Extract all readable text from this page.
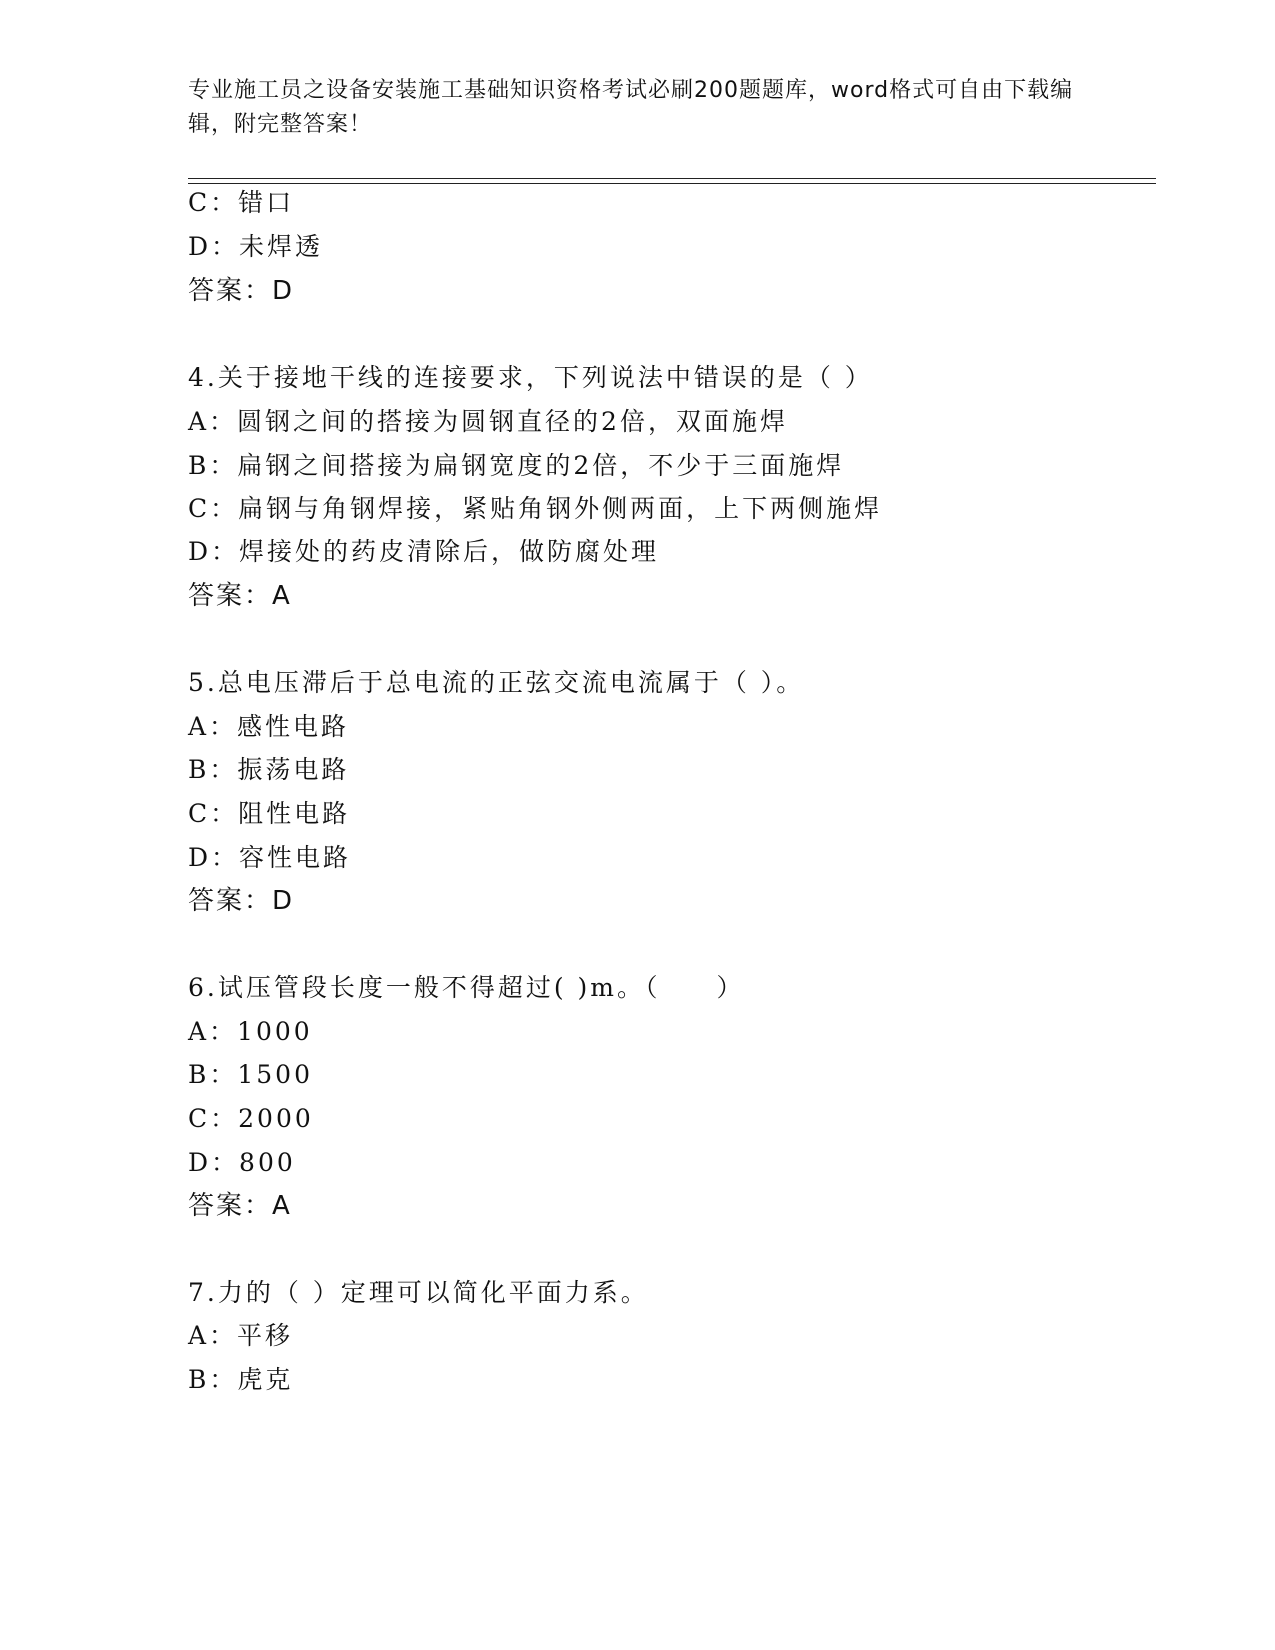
专业施工员之设备安装施工基础知识资格考试必刷200题题库，word格式可自由下载编辑，附完整答案！
C：错口
D：未焊透
答案：D
4.关于接地干线的连接要求，下列说法中错误的是（ ）
A：圆钢之间的搭接为圆钢直径的2倍，双面施焊
B：扁钢之间搭接为扁钢宽度的2倍，不少于三面施焊
C：扁钢与角钢焊接，紧贴角钢外侧两面，上下两侧施焊
D：焊接处的药皮清除后，做防腐处理
答案：A
5.总电压滞后于总电流的正弦交流电流属于（ ）。
A：感性电路
B：振荡电路
C：阻性电路
D：容性电路
答案：D
6.试压管段长度一般不得超过( )m。（　　）
A：1000
B：1500
C：2000
D：800
答案：A
7.力的（ ）定理可以简化平面力系。
A：平移
B：虎克
